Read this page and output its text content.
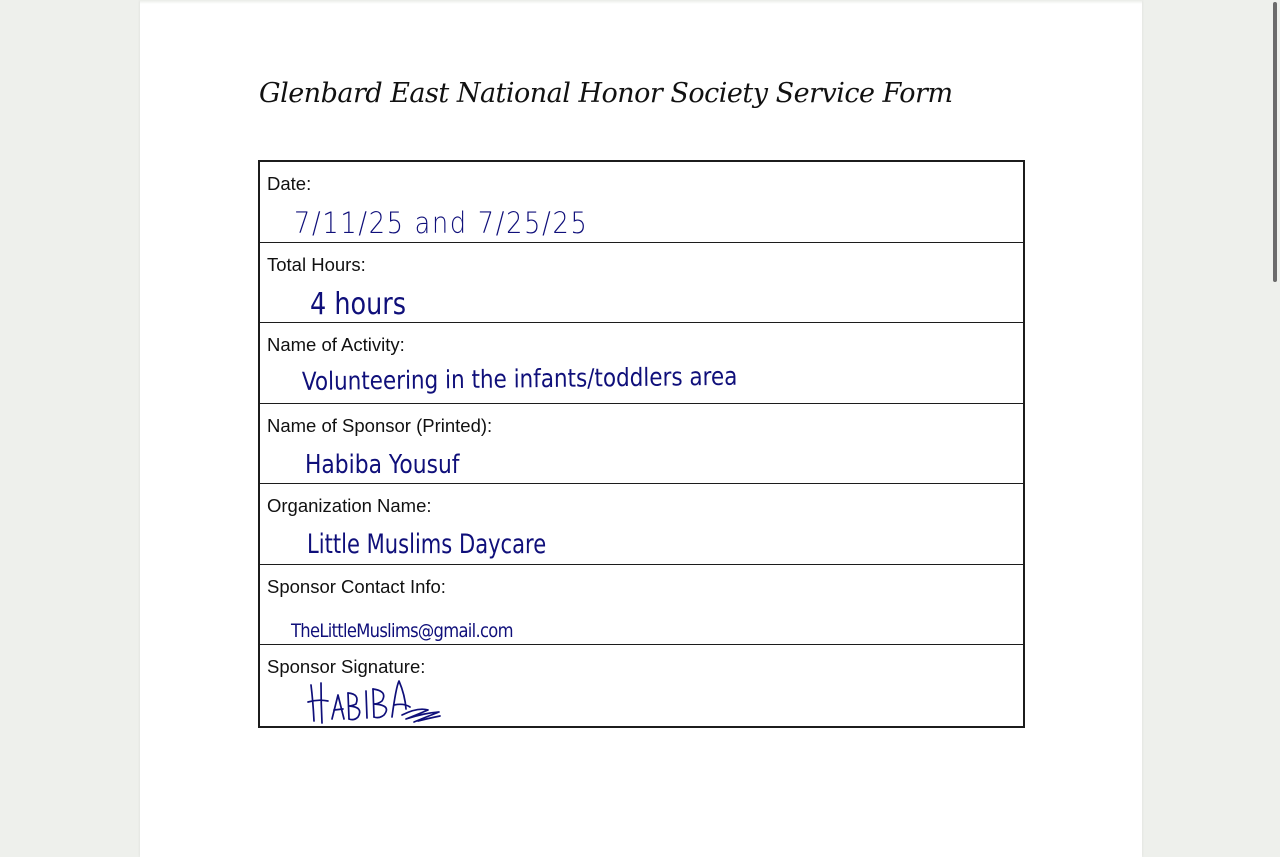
Glenbard East National Honor Society Service Form
Date:
7/11/25 and 7/25/25
Total Hours:
4 hours
Name of Activity:
Volunteering in the infants/toddlers area
Name of Sponsor (Printed):
Habiba Yousuf
Organization Name:
Little Muslims Daycare
Sponsor Contact Info:
TheLittleMuslims@gmail.com
Sponsor Signature:
